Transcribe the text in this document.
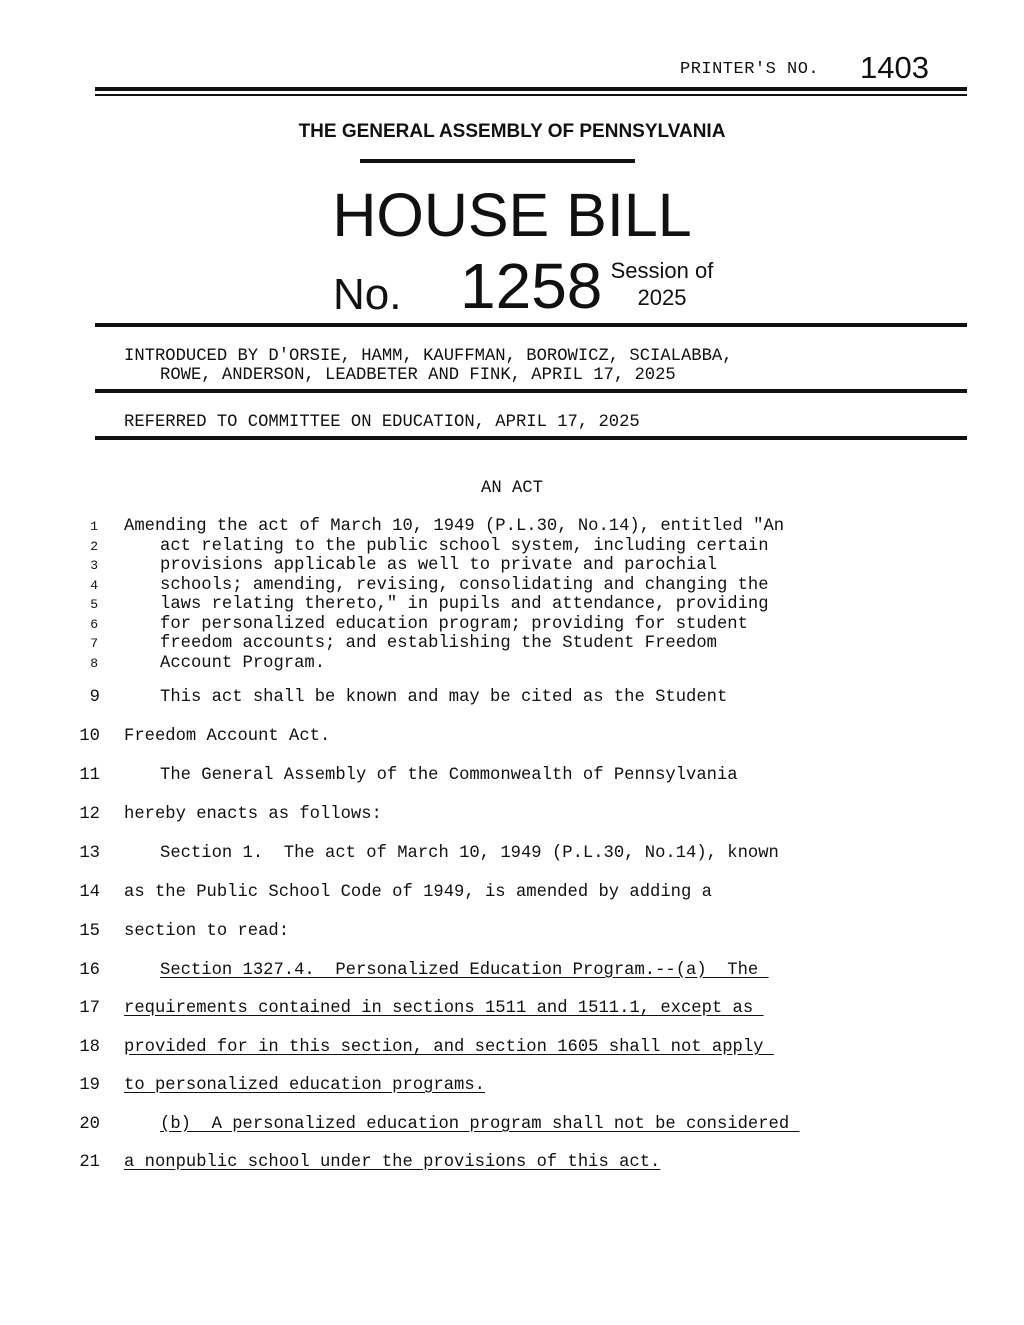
PRINTER'S NO. 1403
THE GENERAL ASSEMBLY OF PENNSYLVANIA
HOUSE BILL
No. 1258 Session of
2025
INTRODUCED BY D'ORSIE, HAMM, KAUFFMAN, BOROWICZ, SCIALABBA,
ROWE, ANDERSON, LEADBETER AND FINK, APRIL 17, 2025
REFERRED TO COMMITTEE ON EDUCATION, APRIL 17, 2025
AN ACT
1 Amending the act of March 10, 1949 (P.L.30, No.14), entitled "An
2	act relating to the public school system, including certain
3	provisions applicable as well to private and parochial
4	schools; amending, revising, consolidating and changing the
5	laws relating thereto," in pupils and attendance, providing
6	for personalized education program; providing for student
7	freedom accounts; and establishing the Student Freedom
8	Account Program.
9	This act shall be known and may be cited as the Student
10 Freedom Account Act.
11	The General Assembly of the Commonwealth of Pennsylvania
12 hereby enacts as follows:
13	Section 1.  The act of March 10, 1949 (P.L.30, No.14), known
14 as the Public School Code of 1949, is amended by adding a
15 section to read:
16	Section 1327.4.  Personalized Education Program.--(a)  The
17 requirements contained in sections 1511 and 1511.1, except as
18 provided for in this section, and section 1605 shall not apply
19 to personalized education programs.
20	(b)  A personalized education program shall not be considered
21 a nonpublic school under the provisions of this act.
